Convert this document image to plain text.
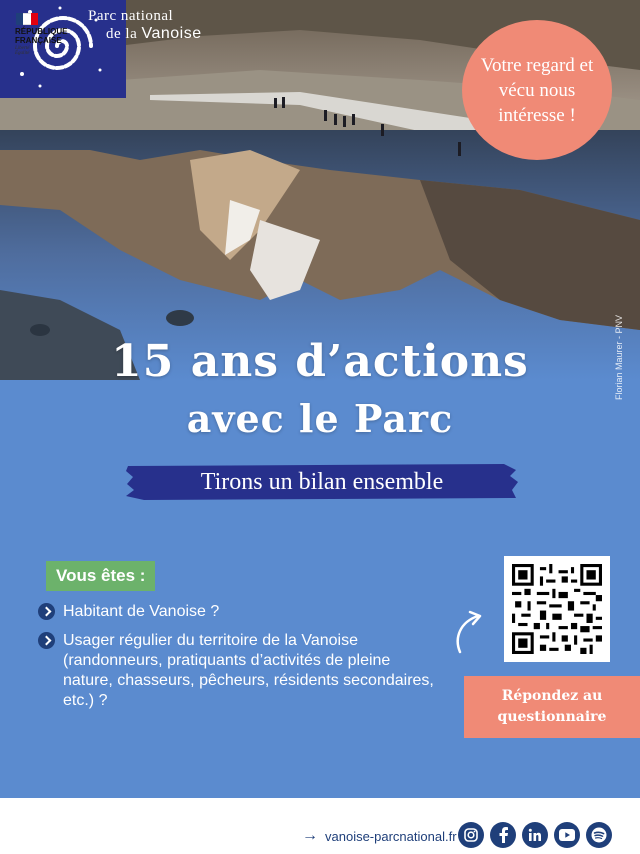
Parc national
de la Vanoise
Votre regard et vécu nous intéresse !
Florian Maurer - PNV
15 ans d’actions
avec le Parc
Tirons un bilan ensemble
Vous êtes :
Habitant de Vanoise ?
Usager régulier du territoire de la Vanoise (randonneurs, pratiquants d’activités de pleine nature, chasseurs, pêcheurs, résidents secondaires, etc.) ?	Répondez au questionnaire
RÉPUBLIQUE
FRANÇAISE
Liberté
Égalité
→ vanoise-parcnational.fr
